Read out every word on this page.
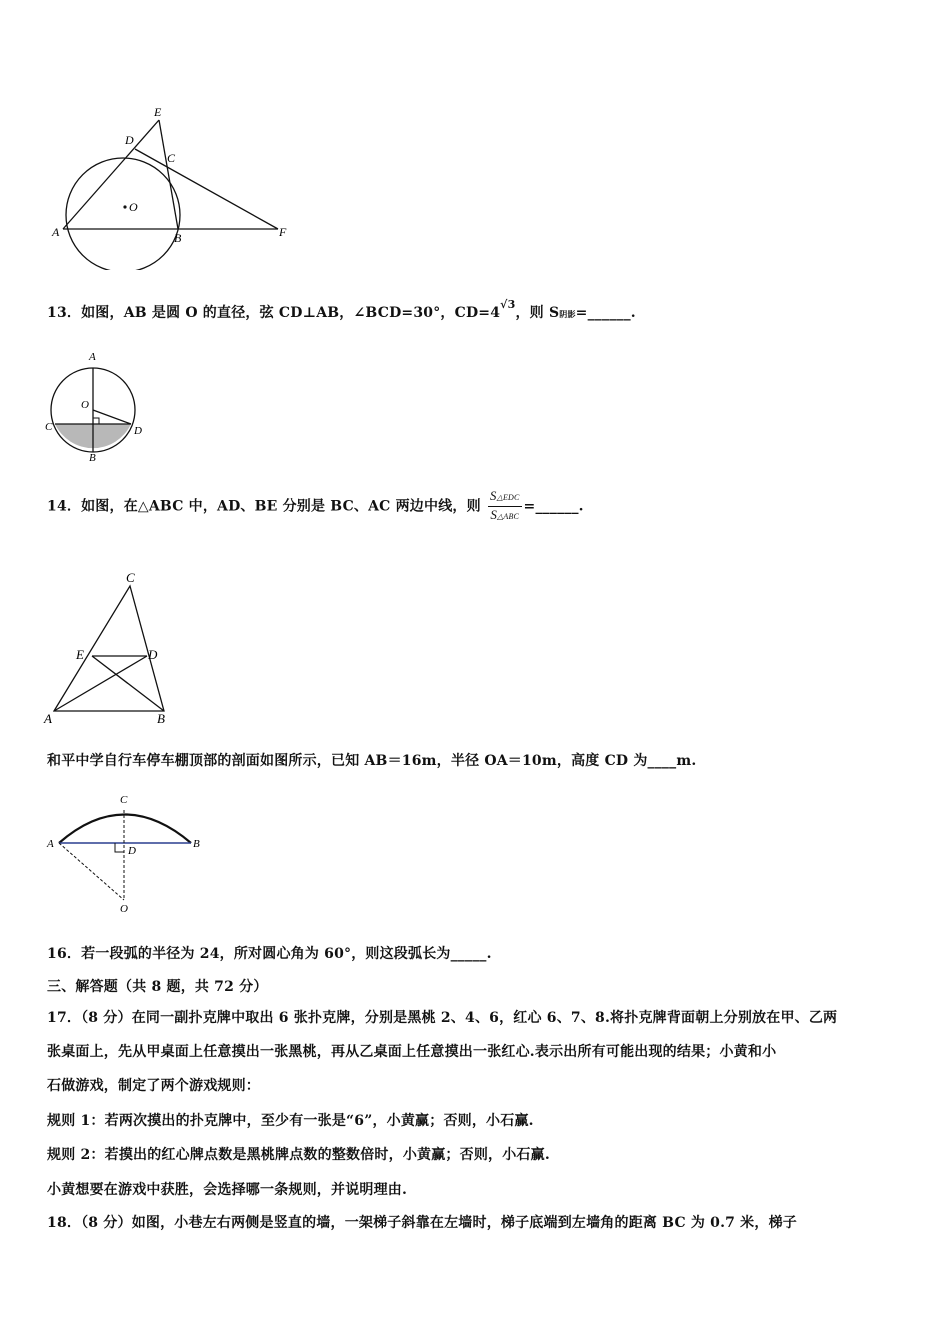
E
D
C
O
A	B	F
13．如图，AB 是圆 O 的直径，弦 CD⊥AB，∠BCD=30°，$CD=4^{√3}$，则 S阴影=______.
A
O
C	D
B
14．如图，在△ABC 中，AD、BE 分别是 BC、AC 两边中线，则 $\frac{\text{S△EDC}}{\text{S△ABC}}$ =______.
C
E	D
A	B
和平中学自行车停车棚顶部的剖面如图所示，已知 AB＝16m，半径 OA＝10m，高度 CD 为____m.
C
A
D
B
O
16．若一段弧的半径为 24，所对圆心角为 60°，则这段弧长为_____.
三、解答题（共 8 题，共 72 分）
17．（8 分）在同一副扑克牌中取出 6 张扑克牌，分别是黑桃 2、4、6，红心 6、7、8.将扑克牌背面朝上分别放在甲、乙两
张桌面上，先从甲桌面上任意摸出一张黑桃，再从乙桌面上任意摸出一张红心.表示出所有可能出现的结果；小黄和小
石做游戏，制定了两个游戏规则：
规则 1：若两次摸出的扑克牌中，至少有一张是“6”，小黄赢；否则，小石赢.
规则 2：若摸出的红心牌点数是黑桃牌点数的整数倍时，小黄赢；否则，小石赢.
小黄想要在游戏中获胜，会选择哪一条规则，并说明理由.
18．（8 分）如图，小巷左右两侧是竖直的墙，一架梯子斜靠在左墙时，梯子底端到左墙角的距离 BC 为 0.7 米，梯子
